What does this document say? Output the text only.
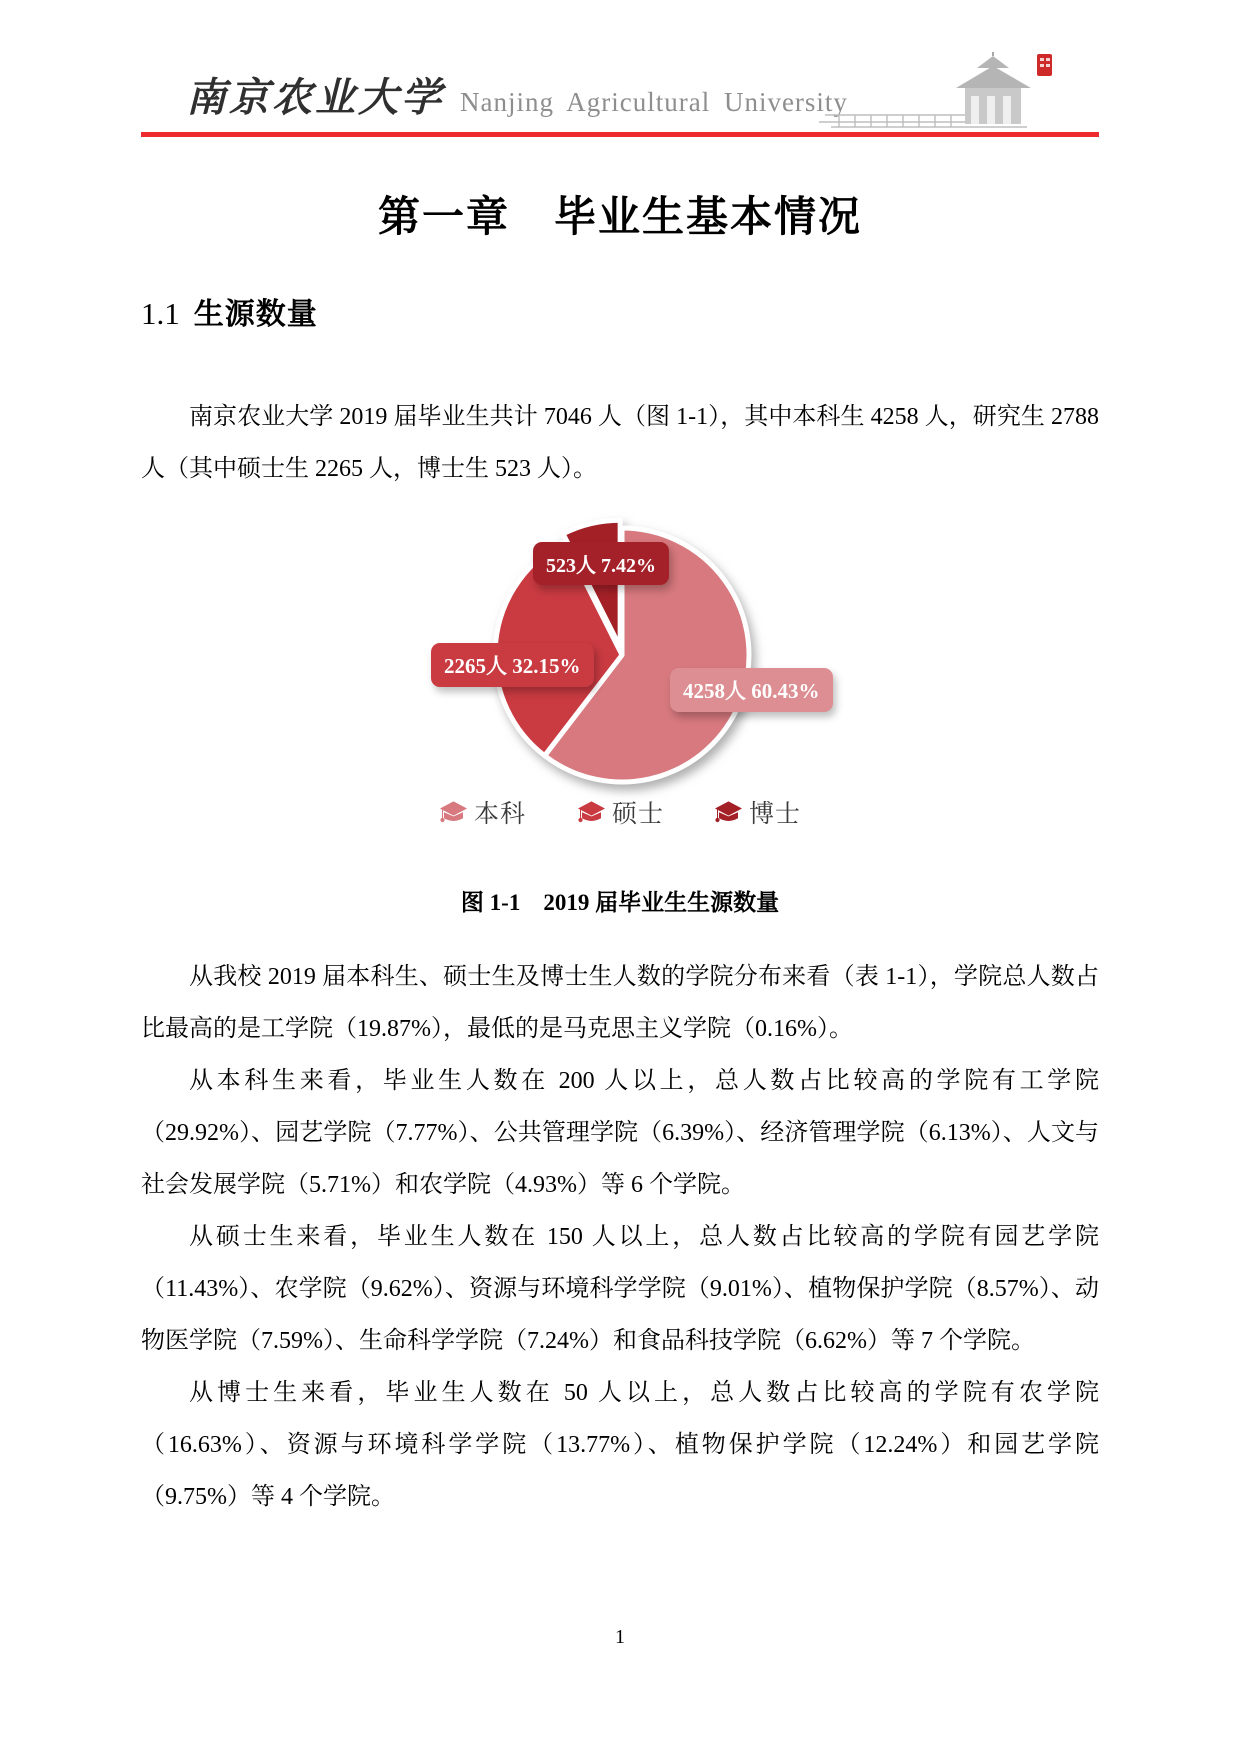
南京农业大学 Nanjing Agricultural University
第一章　毕业生基本情况
1.1 生源数量

南京农业大学 2019 届毕业生共计 7046 人（图 1-1），其中本科生 4258 人，研究生 2788 人（其中硕士生 2265 人，博士生 523 人）。

4258人 60.43%
2265人 32.15%
523人 7.42%
本科	硕士	博士
图 1-1　2019 届毕业生生源数量

从我校 2019 届本科生、硕士生及博士生人数的学院分布来看（表 1-1），学院总人数占比最高的是工学院（19.87%），最低的是马克思主义学院（0.16%）。

从本科生来看，毕业生人数在 200 人以上，总人数占比较高的学院有工学院（29.92%）、园艺学院（7.77%）、公共管理学院（6.39%）、经济管理学院（6.13%）、人文与社会发展学院（5.71%）和农学院（4.93%）等 6 个学院。

从硕士生来看，毕业生人数在 150 人以上，总人数占比较高的学院有园艺学院（11.43%）、农学院（9.62%）、资源与环境科学学院（9.01%）、植物保护学院（8.57%）、动物医学院（7.59%）、生命科学学院（7.24%）和食品科技学院（6.62%）等 7 个学院。

从博士生来看，毕业生人数在 50 人以上，总人数占比较高的学院有农学院（16.63%）、资源与环境科学学院（13.77%）、植物保护学院（12.24%）和园艺学院（9.75%）等 4 个学院。

1
